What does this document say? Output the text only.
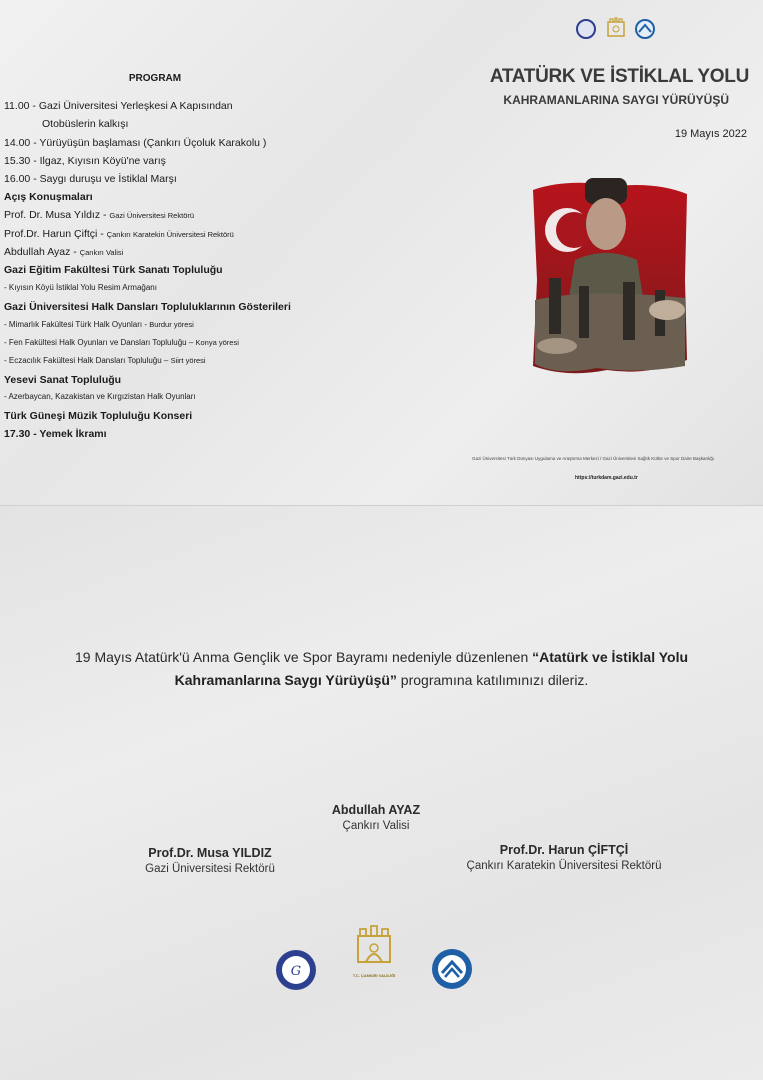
PROGRAM
11.00 - Gazi Üniversitesi Yerleşkesi A Kapısından
Otobüslerin kalkışı
14.00 - Yürüyüşün başlaması (Çankırı Üçoluk Karakolu )
15.30 - Ilgaz, Kıyısın Köyü'ne varış
16.00 - Saygı duruşu ve İstiklal Marşı
Açış Konuşmaları
Prof. Dr. Musa Yıldız - Gazi Üniversitesi Rektörü
Prof.Dr. Harun Çiftçi - Çankırı Karatekin Üniversitesi Rektörü
Abdullah Ayaz - Çankırı Valisi
Gazi Eğitim Fakültesi Türk Sanatı Topluluğu
- Kıyısın Köyü İstiklal Yolu Resim Armağanı
Gazi Üniversitesi Halk Dansları Topluluklarının Gösterileri
- Mimarlık Fakültesi Türk Halk Oyunları - Burdur yöresi
- Fen Fakültesi Halk Oyunları ve Dansları Topluluğu – Konya yöresi
- Eczacılık Fakültesi Halk Dansları Topluluğu – Siirt yöresi
Yesevi Sanat Topluluğu
- Azerbaycan, Kazakistan ve Kırgızistan Halk Oyunları
Türk Güneşi Müzik Topluluğu Konseri
17.30 - Yemek İkramı
ATATÜRK VE İSTİKLAL YOLU
KAHRAMANLARINA SAYGI YÜRÜYÜŞÜ
19 Mayıs 2022
Gazi Üniversitesi Türk Dünyası Uygulama ve Araştırma Merkezi / Gazi Üniversitesi Sağlık Kültür ve Spor Daire Başkanlığı
https://turkdam.gazi.edu.tr
19 Mayıs Atatürk'ü Anma Gençlik ve Spor Bayramı nedeniyle düzenlenen “Atatürk ve İstiklal Yolu Kahramanlarına Saygı Yürüyüşü” programına katılımınızı dileriz.
Abdullah AYAZ
Çankırı Valisi
Prof.Dr. Musa YILDIZ
Gazi Üniversitesi Rektörü
Prof.Dr. Harun ÇİFTÇİ
Çankırı Karatekin Üniversitesi Rektörü
G	T.C. ÇANKIRI VALİLİĞİ
